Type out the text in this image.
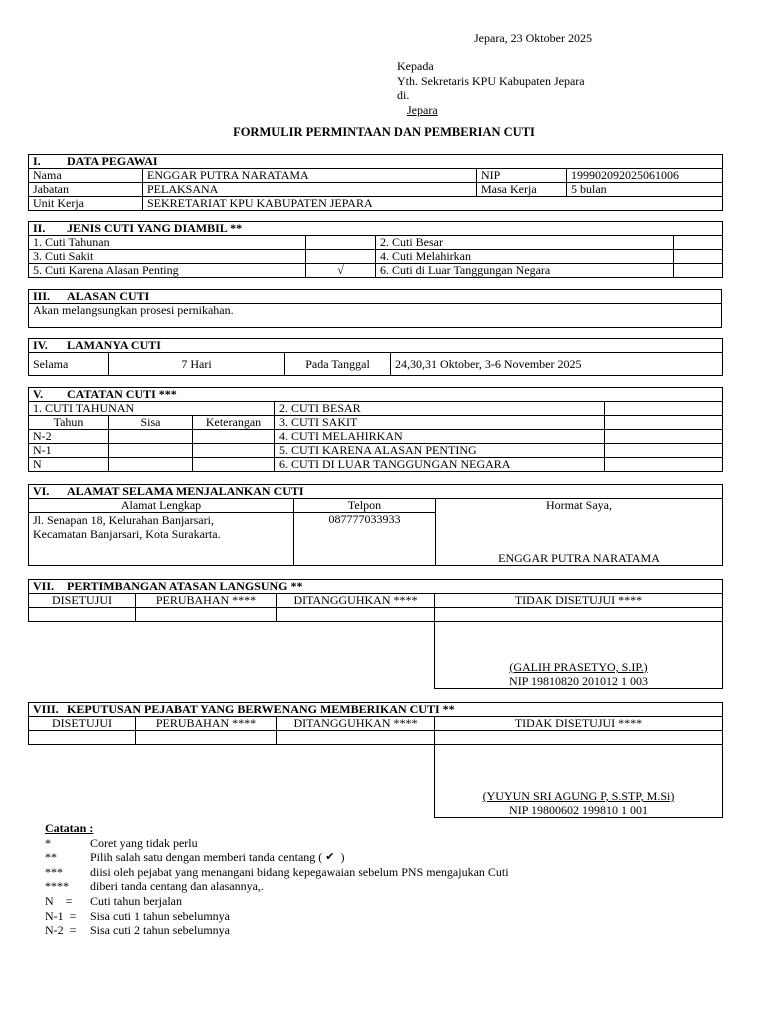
Jepara, 23 Oktober 2025
Kepada
Yth. Sekretaris KPU Kabupaten Jepara
di.
Jepara
FORMULIR PERMINTAAN DAN PEMBERIAN CUTI
I. DATA PEGAWAI			
Nama	ENGGAR PUTRA NARATAMA	NIP	199902092025061006
Jabatan	PELAKSANA	Masa Kerja	5 bulan
Unit Kerja	SEKRETARIAT KPU KABUPATEN JEPARA		
II. JENIS CUTI YANG DIAMBIL **			
1. Cuti Tahunan		2. Cuti Besar	
3. Cuti Sakit		4. Cuti Melahirkan	
5. Cuti Karena Alasan Penting	√	6. Cuti di Luar Tanggungan Negara	
III. ALASAN CUTI
Akan melangsungkan prosesi pernikahan.
IV. LAMANYA CUTI
Selama	7 Hari	Pada Tanggal	24,30,31 Oktober, 3-6 November 2025
V. CATATAN CUTI ***				
1. CUTI TAHUNAN			2. CUTI BESAR	
Tahun	Sisa	Keterangan	3. CUTI SAKIT	
N-2			4. CUTI MELAHIRKAN	
N-1			5. CUTI KARENA ALASAN PENTING	
N			6. CUTI DI LUAR TANGGUNGAN NEGARA	
VI. ALAMAT SELAMA MENJALANKAN CUTI		
Alamat Lengkap	Telpon	Hormat Saya,
ENGGAR PUTRA NARATAMA

Jl. Senapan 18, Kelurahan Banjarsari,
Kecamatan Banjarsari, Kota Surakarta.	087777033933	
VII. PERTIMBANGAN ATASAN LANGSUNG **			
DISETUJUI	PERUBAHAN ****	DITANGGUHKAN ****	TIDAK DISETUJUI ****

			(GALIH PRASETYO, S.IP.)
NIP 19810820 201012 1 003
VIII. KEPUTUSAN PEJABAT YANG BERWENANG MEMBERIKAN CUTI **			
DISETUJUI	PERUBAHAN ****	DITANGGUHKAN ****	TIDAK DISETUJUI ****

			(YUYUN SRI AGUNG P, S.STP, M.Si)
NIP 19800602 199810 1 001
Catatan :
*	Coret yang tidak perlu
**	Pilih salah satu dengan memberi tanda centang (
✔
)
***	diisi oleh pejabat yang menangani bidang kepegawaian sebelum PNS mengajukan Cuti
****	diberi tanda centang dan alasannya,.
N    =	Cuti tahun berjalan
N-1  =	Sisa cuti 1 tahun sebelumnya
N-2  =	Sisa cuti 2 tahun sebelumnya
